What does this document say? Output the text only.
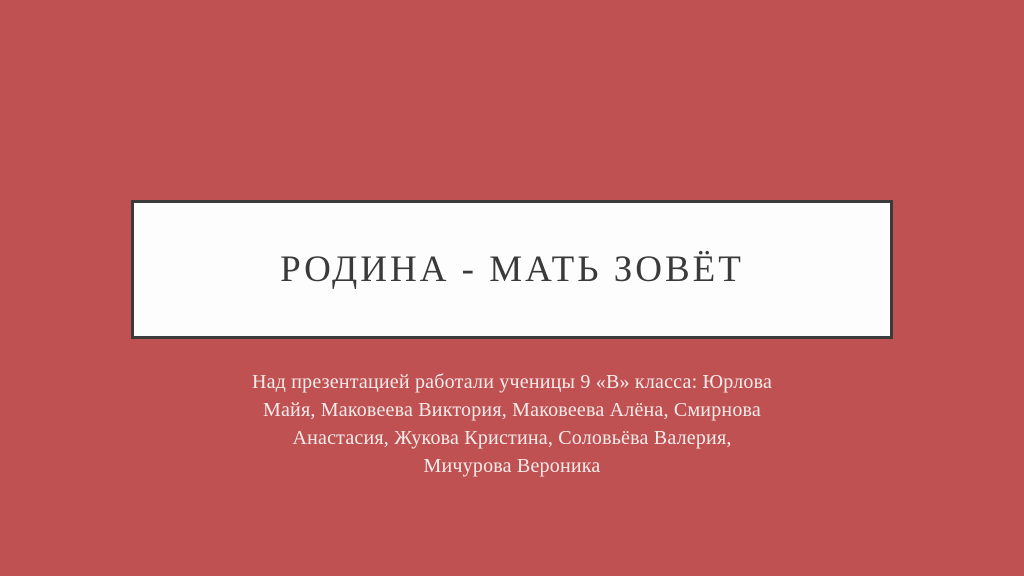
РОДИНА - МАТЬ ЗОВЁТ
Над презентацией работали ученицы 9 «В» класса: Юрлова
Майя, Маковеева Виктория, Маковеева Алёна, Смирнова
Анастасия, Жукова Кристина, Соловьёва Валерия,
Мичурова Вероника
